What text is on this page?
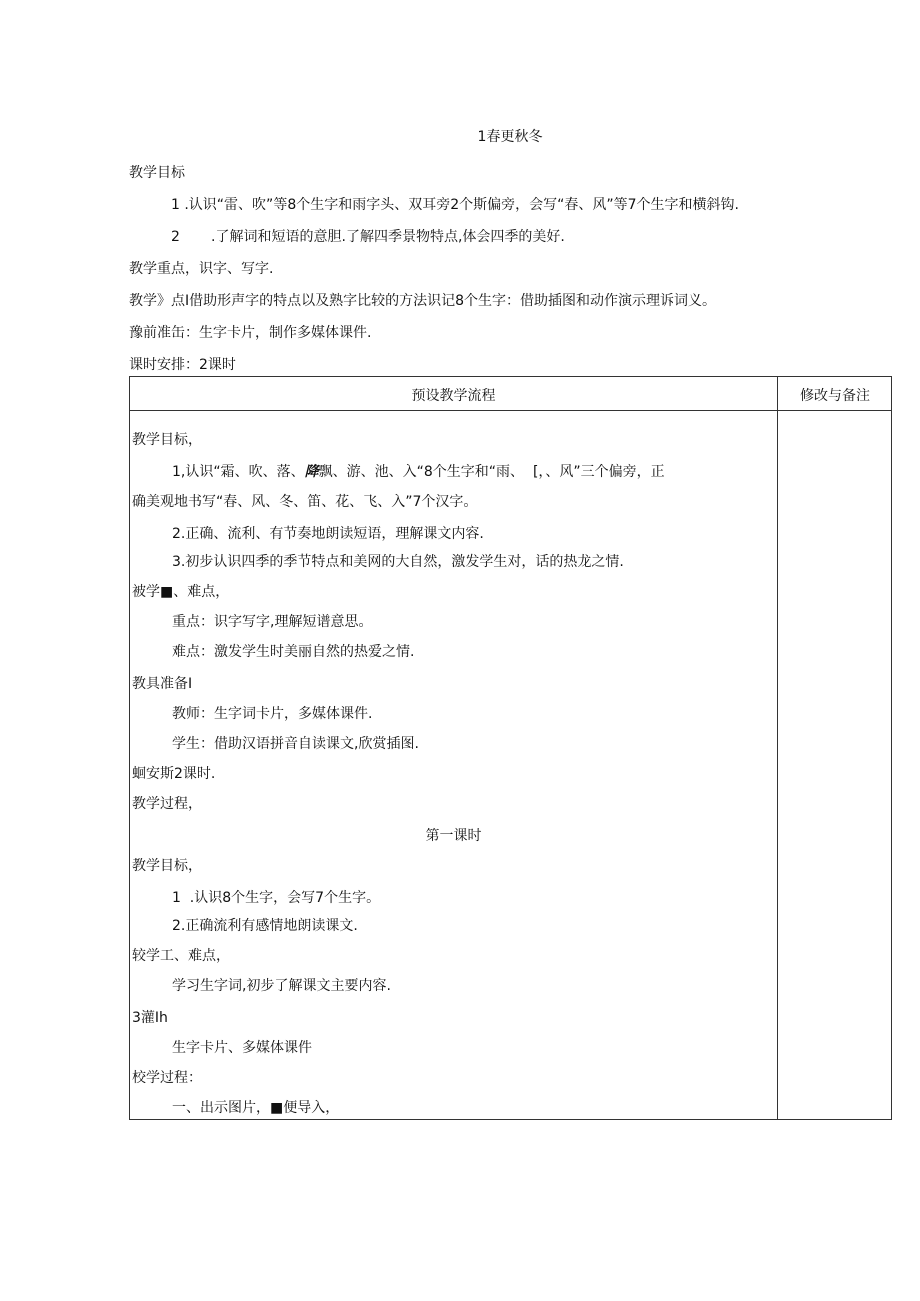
1春更秋冬
教学目标
1 .认识“雷、吹”等8个生字和雨字头、双耳旁2个斯偏旁，会写“春、风”等7个生字和横斜钩.
2       .了解词和短语的意胆.了解四季景物特点,体会四季的美好.
教学重点，识字、写字.
教学》点I借助形声字的特点以及熟字比较的方法识记8个生字：借助插图和动作演示理诉词义。
豫前准缶：生字卡片，制作多媒体课件.
课时安排：2课时
预设教学流程	修改与备注
教学目标，
1,认识“霜、吹、落、降飘、游、池、入“8个生字和“雨、  [，、风”三个偏旁，正
确美观地书写“春、风、冬、笛、花、飞、入”7个汉字。
2.正确、流利、有节奏地朗读短语，理解课文内容.
3.初步认识四季的季节特点和美网的大自然，激发学生对，话的热龙之情.
被学■、难点，
重点：识字写字,理解短谱意思。
难点：激发学生时美丽自然的热爱之情.
教具准备I
教师：生字词卡片，多媒体课件.
学生：借助汉语拼音自读课文,欣赏插图.
蛔安斯2课时.
教学过程，
第一课时
教学目标，
1  .认识8个生字，会写7个生字。
2.正确流利有感情地朗读课文.
较学工、难点，
学习生字词,初步了解课文主要内容.
3灌Ih
生字卡片、多媒体课件
校学过程：
一、出示图片，■便导入，
